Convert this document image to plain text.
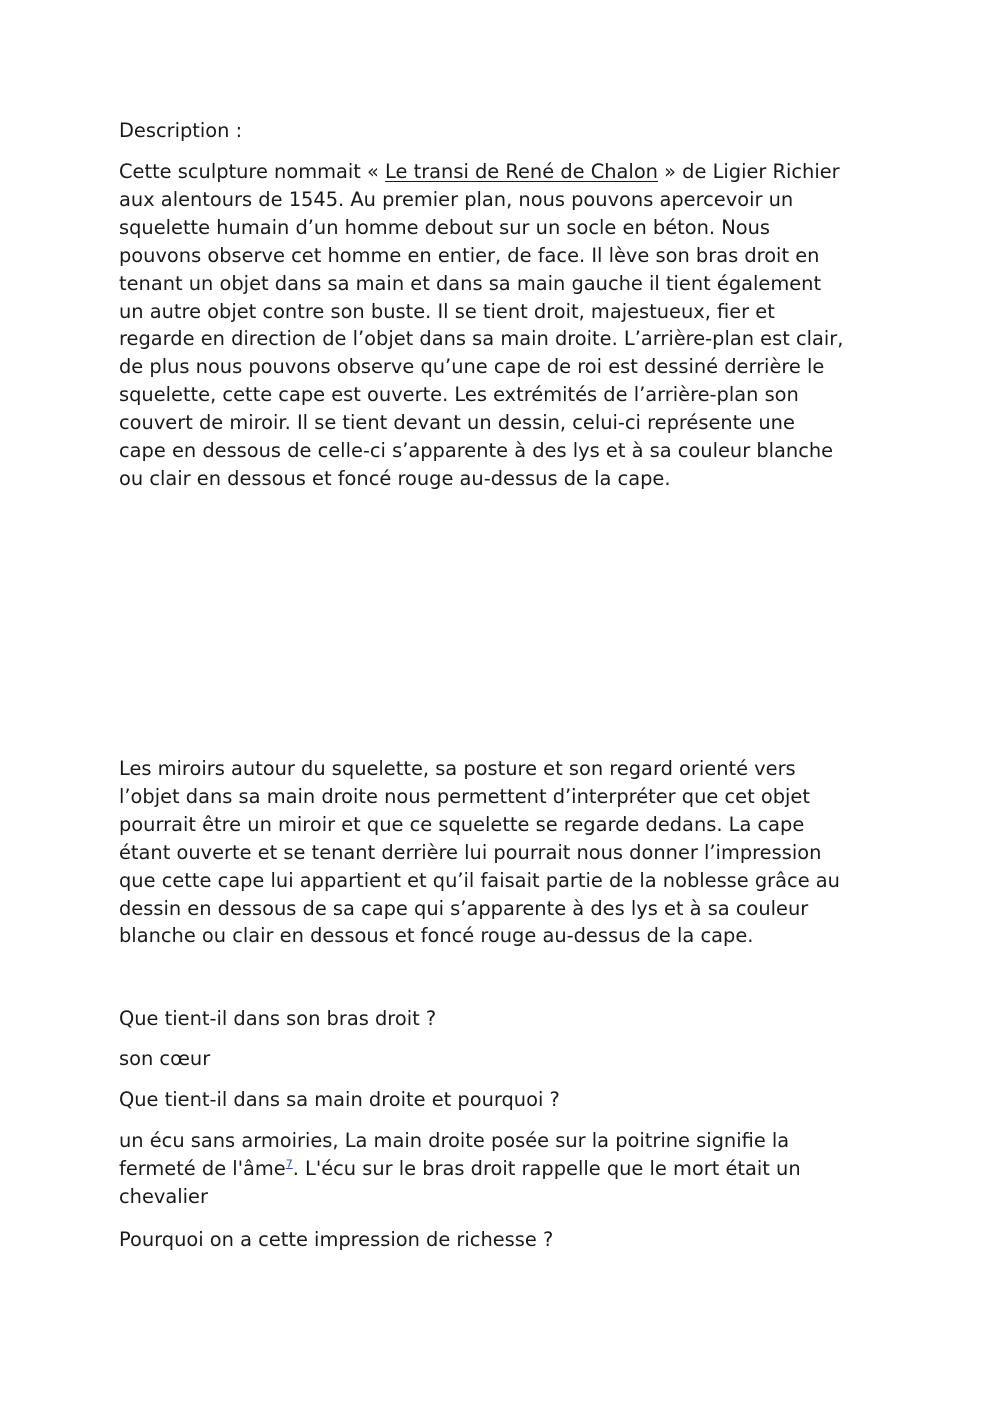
Description :

Cette sculpture nommait « Le transi de René de Chalon » de Ligier Richier
aux alentours de 1545. Au premier plan, nous pouvons apercevoir un
squelette humain d’un homme debout sur un socle en béton. Nous
pouvons observe cet homme en entier, de face. Il lève son bras droit en
tenant un objet dans sa main et dans sa main gauche il tient également
un autre objet contre son buste. Il se tient droit, majestueux, fier et
regarde en direction de l’objet dans sa main droite. L’arrière-plan est clair,
de plus nous pouvons observe qu’une cape de roi est dessiné derrière le
squelette, cette cape est ouverte. Les extrémités de l’arrière-plan son
couvert de miroir. Il se tient devant un dessin, celui-ci représente une
cape en dessous de celle-ci s’apparente à des lys et à sa couleur blanche
ou clair en dessous et foncé rouge au-dessus de la cape.
Les miroirs autour du squelette, sa posture et son regard orienté vers
l’objet dans sa main droite nous permettent d’interpréter que cet objet
pourrait être un miroir et que ce squelette se regarde dedans. La cape
étant ouverte et se tenant derrière lui pourrait nous donner l’impression
que cette cape lui appartient et qu’il faisait partie de la noblesse grâce au
dessin en dessous de sa cape qui s’apparente à des lys et à sa couleur
blanche ou clair en dessous et foncé rouge au-dessus de la cape.

Que tient-il dans son bras droit ?

son cœur

Que tient-il dans sa main droite et pourquoi ?

un écu sans armoiries, La main droite posée sur la poitrine signifie la
fermeté de l'âme$^7$. L'écu sur le bras droit rappelle que le mort était un
chevalier

Pourquoi on a cette impression de richesse ?
